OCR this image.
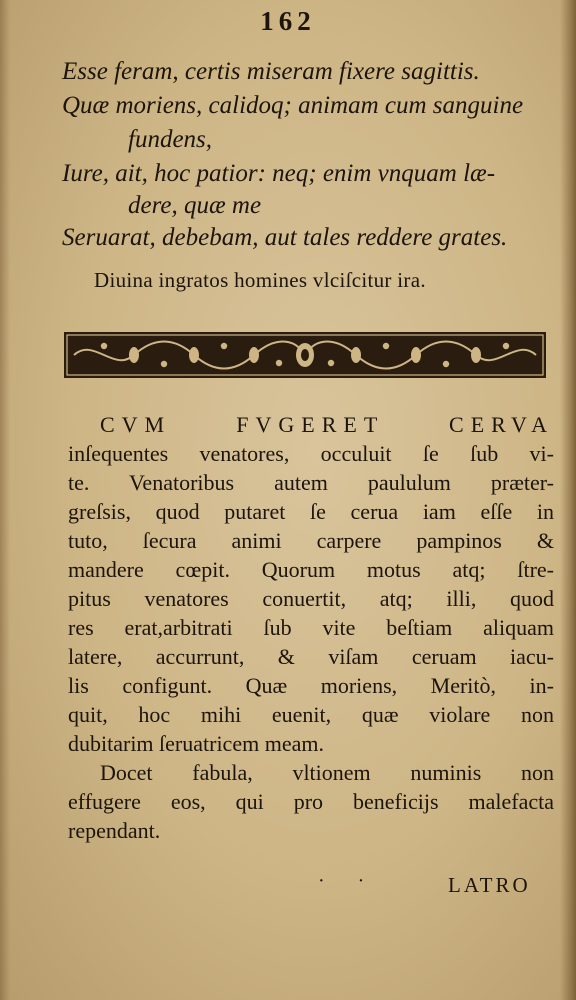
162
Esse feram, certis miseram fixere sagittis.
Quæ moriens, calidoq; animam cum sanguine
fundens,
Iure, ait, hoc patior: neq; enim vnquam læ-
dere, quæ me
Seruarat, debebam, aut tales reddere grates.
Diuina ingratos homines vlciſcitur ira.
CVM FVGERET CERVA
inſequentes venatores, occuluit ſe ſub vi-
te. Venatoribus autem paululum præter-
greſsis, quod putaret ſe cerua iam eſſe in
tuto, ſecura animi carpere pampinos &
mandere cœpit. Quorum motus atq; ſtre-
pitus venatores conuertit, atq; illi, quod
res erat,arbitrati ſub vite beſtiam aliquam
latere, accurrunt, & viſam ceruam iacu-
lis configunt. Quæ moriens, Meritò, in-
quit, hoc mihi euenit, quæ violare non
dubitarim ſeruatricem meam.
Docet fabula, vltionem numinis non
effugere eos, qui pro beneficijs malefacta
rependant.
· ·	LATRO
